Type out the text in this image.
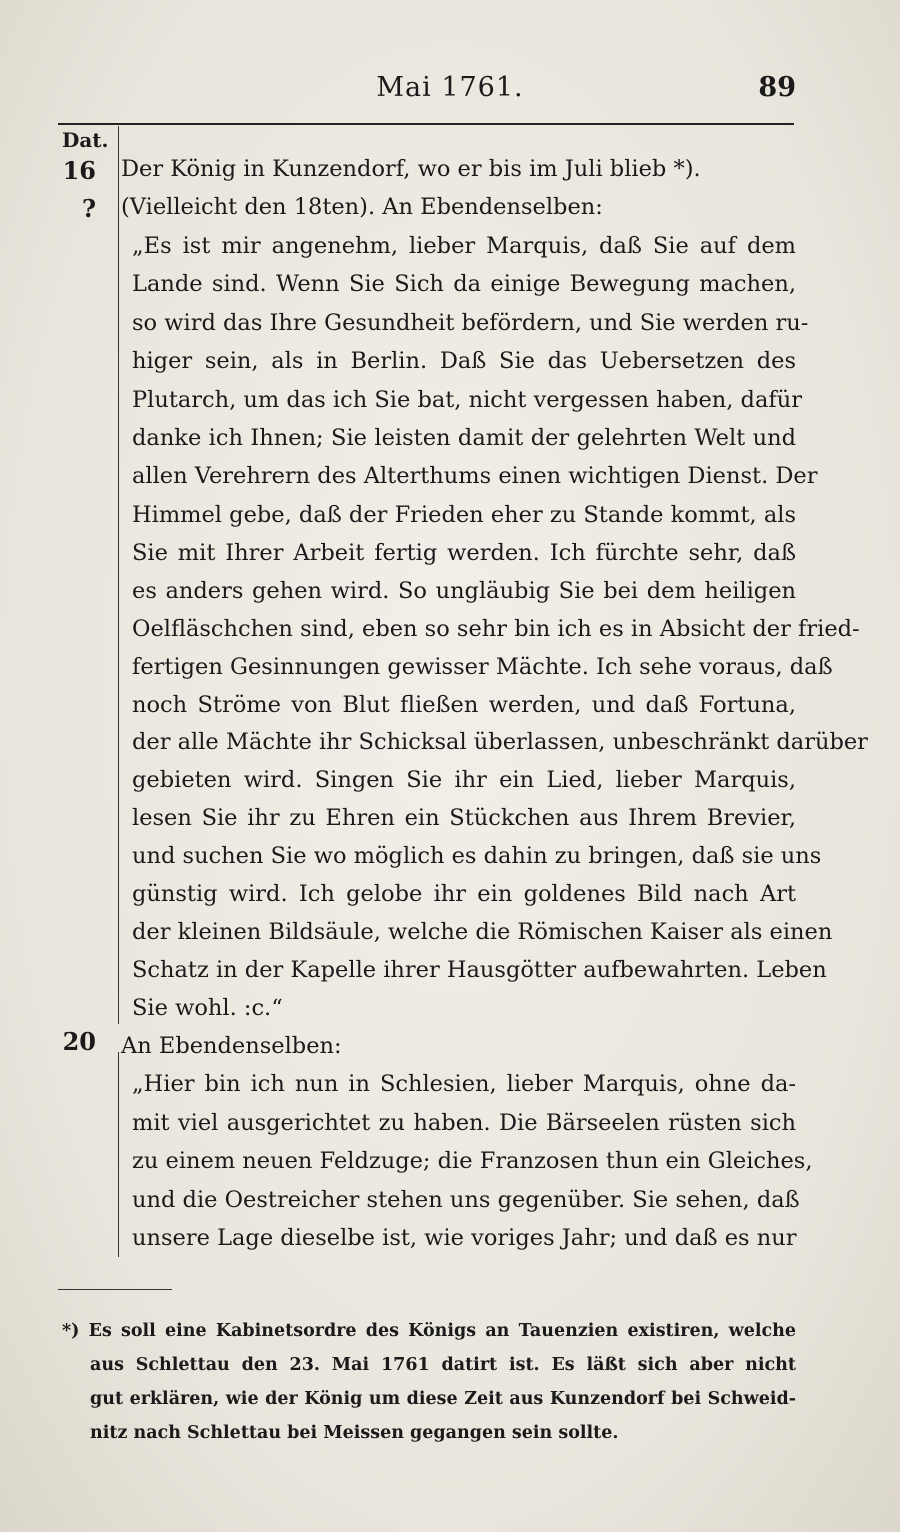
Mai 1761.	89
Dat.
16
?
20
Der König in Kunzendorf, wo er bis im Juli blieb *).
(Vielleicht den 18ten). An Ebendenselben:
„Es ist mir angenehm, lieber Marquis, daß Sie auf dem
Lande sind. Wenn Sie Sich da einige Bewegung machen,
so wird das Ihre Gesundheit befördern, und Sie werden ru-
higer sein, als in Berlin. Daß Sie das Uebersetzen des
Plutarch, um das ich Sie bat, nicht vergessen haben, dafür
danke ich Ihnen; Sie leisten damit der gelehrten Welt und
allen Verehrern des Alterthums einen wichtigen Dienst. Der
Himmel gebe, daß der Frieden eher zu Stande kommt, als
Sie mit Ihrer Arbeit fertig werden. Ich fürchte sehr, daß
es anders gehen wird. So ungläubig Sie bei dem heiligen
Oelfläschchen sind, eben so sehr bin ich es in Absicht der fried-
fertigen Gesinnungen gewisser Mächte. Ich sehe voraus, daß
noch Ströme von Blut fließen werden, und daß Fortuna,
der alle Mächte ihr Schicksal überlassen, unbeschränkt darüber
gebieten wird. Singen Sie ihr ein Lied, lieber Marquis,
lesen Sie ihr zu Ehren ein Stückchen aus Ihrem Brevier,
und suchen Sie wo möglich es dahin zu bringen, daß sie uns
günstig wird. Ich gelobe ihr ein goldenes Bild nach Art
der kleinen Bildsäule, welche die Römischen Kaiser als einen
Schatz in der Kapelle ihrer Hausgötter aufbewahrten. Leben
Sie wohl. :c.“
An Ebendenselben:
„Hier bin ich nun in Schlesien, lieber Marquis, ohne da-
mit viel ausgerichtet zu haben. Die Bärseelen rüsten sich
zu einem neuen Feldzuge; die Franzosen thun ein Gleiches,
und die Oestreicher stehen uns gegenüber. Sie sehen, daß
unsere Lage dieselbe ist, wie voriges Jahr; und daß es nur
*) Es soll eine Kabinetsordre des Königs an Tauenzien existiren, welche
aus Schlettau den 23. Mai 1761 datirt ist. Es läßt sich aber nicht
gut erklären, wie der König um diese Zeit aus Kunzendorf bei Schweid-
nitz nach Schlettau bei Meissen gegangen sein sollte.
